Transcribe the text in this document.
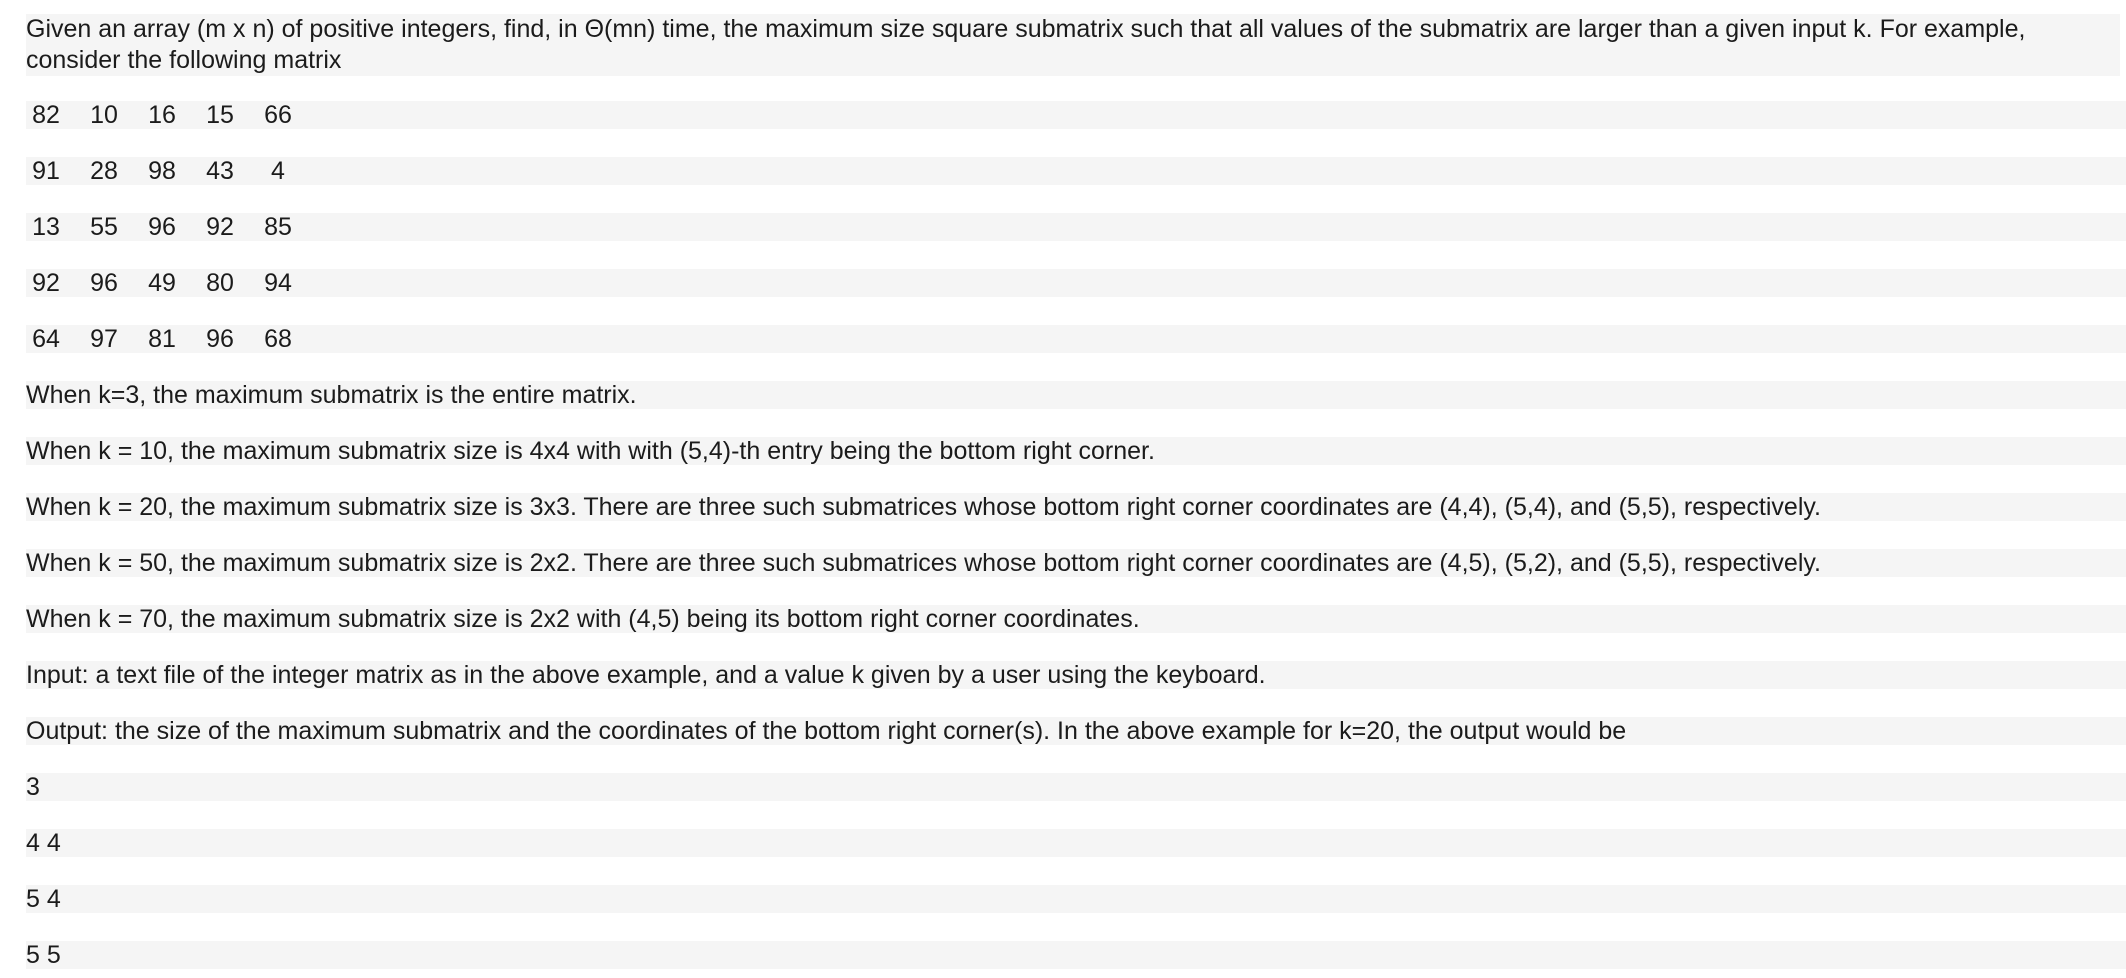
Given an array (m x n) of positive integers, find, in Θ(mn) time, the maximum size square submatrix such that all values of the submatrix are larger than a given input k. For example, consider the following matrix
82 10 16 15 66
91 28 98 43	4
13 55 96 92 85
92 96 49 80 94
64 97 81 96 68
When k=3, the maximum submatrix is the entire matrix.
When k = 10, the maximum submatrix size is 4x4 with with (5,4)-th entry being the bottom right corner.
When k = 20, the maximum submatrix size is 3x3. There are three such submatrices whose bottom right corner coordinates are (4,4), (5,4), and (5,5), respectively.
When k = 50, the maximum submatrix size is 2x2. There are three such submatrices whose bottom right corner coordinates are (4,5), (5,2), and (5,5), respectively.
When k = 70, the maximum submatrix size is 2x2 with (4,5) being its bottom right corner coordinates.
Input: a text file of the integer matrix as in the above example, and a value k given by a user using the keyboard.
Output: the size of the maximum submatrix and the coordinates of the bottom right corner(s). In the above example for k=20, the output would be
3
4 4
5 4
5 5
